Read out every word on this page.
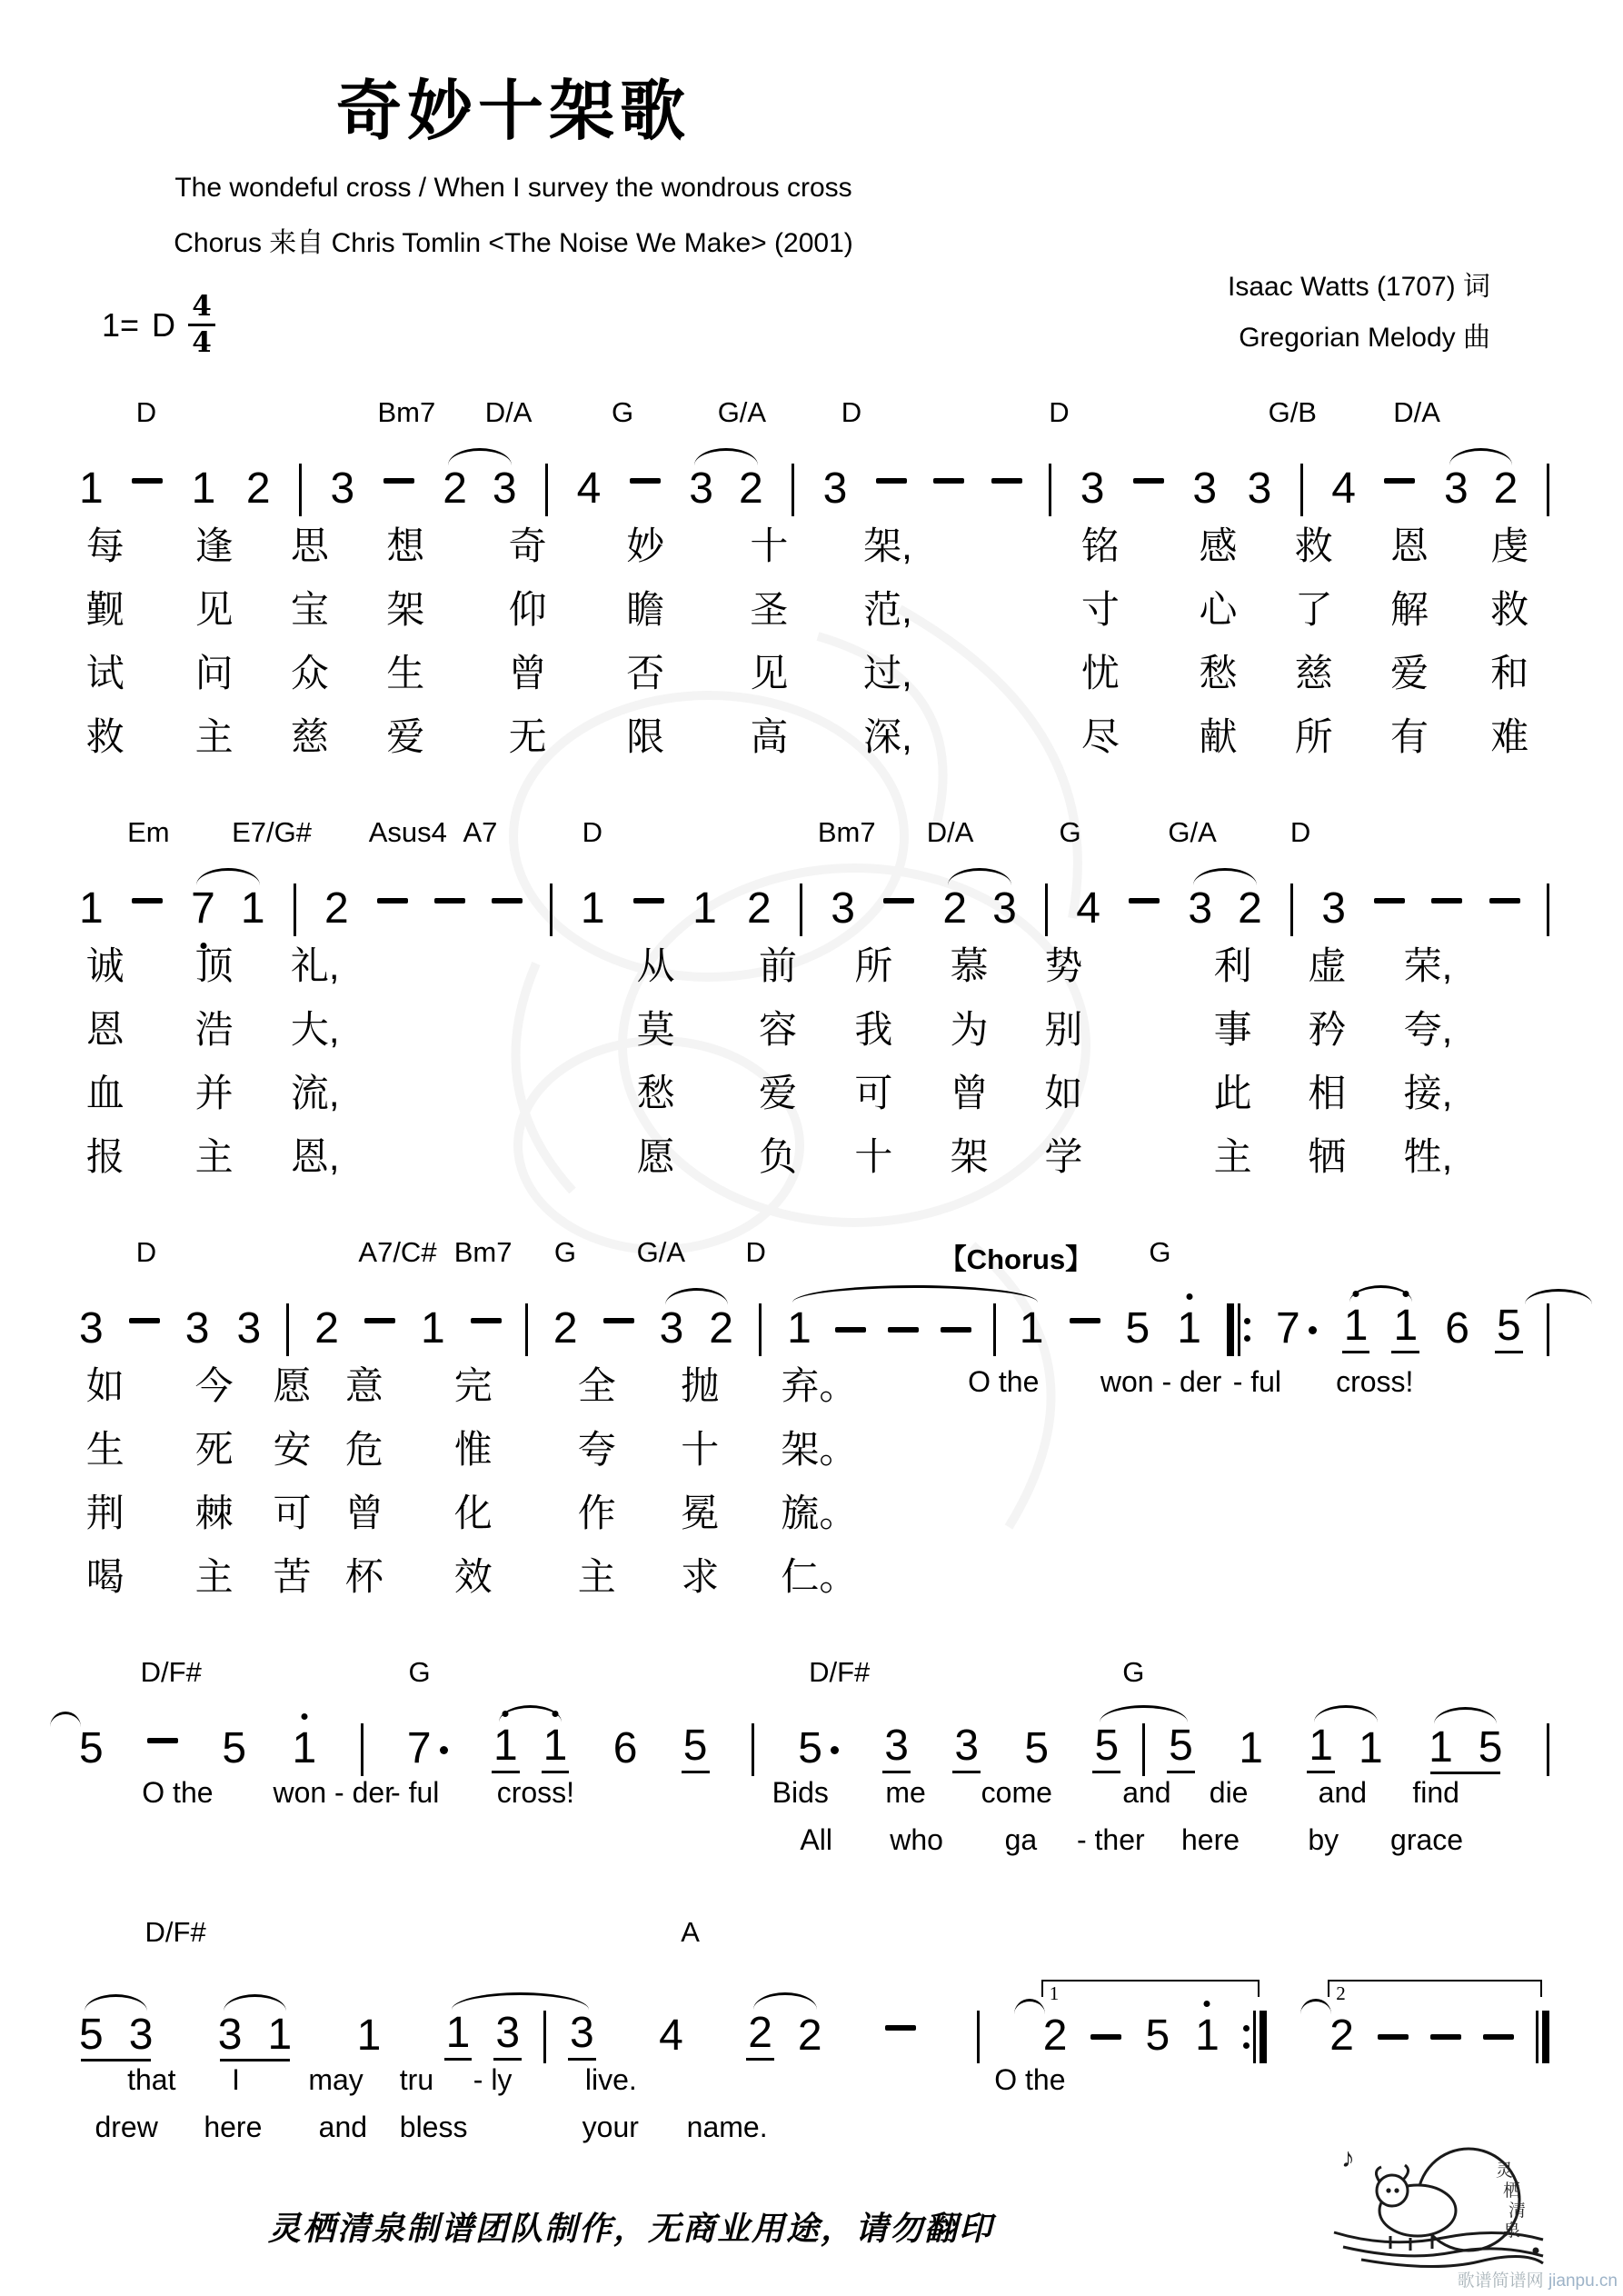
奇妙十架歌
The wondeful cross / When I survey the wondrous cross
Chorus 来自 Chris Tomlin <The Noise We Make> (2001)
Isaac Watts (1707) 词
Gregorian Melody 曲
1= D 4
4
D	Bm7 D/A	G	G/A	D	D	G/B	D/A
1 1 2 3 2 3 4 3 2 3	3 3 3 4 3 2
每 逢 思 想 奇 妙 十 架,	铭 感 救 恩 虔
觐 见 宝 架 仰 瞻 圣 范,	寸 心 了 解 救
试 问 众 生 曾 否 见 过,	忧 愁 慈 爱 和
救 主 慈 爱 无 限 高 深,	尽 献 所 有 难
Em E7/G# Asus4 A7	D	Bm7 D/A	G	G/A	D
1 7 1 2	1 1 2 3 2 3 4 3 2 3
诚 顶 礼,	从 前 所 慕 势	利 虚 荣,
恩 浩 大,	莫 容 我 为 别	事 矜 夸,
血 并 流,	愁 爱 可 曾 如	此 相 接,
报 主 恩,	愿 负 十 架 学	主 牺 牲,
D	A7/C# Bm7 G G/A D	【Chorus】 G
3 3 3 2 1 2 3 2 1	1 5 1 7	1 1 6 5
如 今 愿 意 完 全 抛 弃。	O the won - der - ful cross!
生 死 安 危 惟 夸 十 架。
荆 棘 可 曾 化 作 冕 旒。
喝 主 苦 杯 效 主 求 仁。
D/F#	G	D/F#	G
5	5 1 7	1 1 6 5 5	3 3 5 5 5 1 1 1 1 5
O the won - der
- ful cross!	Bids me come and die and find
All who ga - ther here by grace
D/F#	A
5 3 3 1 1 1 3 3 4 2 2
1
2 5 1
2
2
that I may tru - ly	live.	O the
drew here and bless	your name.
灵栖清泉制谱团队制作，无商业用途，请勿翻印
♪	灵
栖
清
泉
歌谱简谱网 jianpu.cn
